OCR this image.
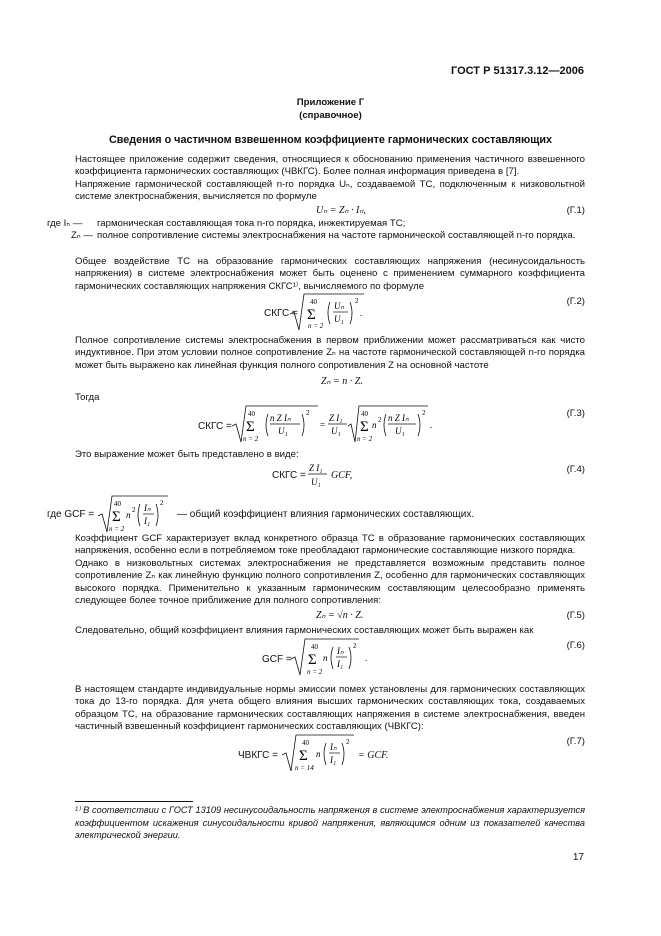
ГОСТ Р 51317.3.12—2006
Приложение Г
(справочное)
Сведения о частичном взвешенном коэффициенте гармонических составляющих
Настоящее приложение содержит сведения, относящиеся к обоснованию применения частичного взвешенного коэффициента гармонических составляющих (ЧВКГС). Более полная информация приведена в [7].
Напряжение гармонической составляющей n-го порядка Uₙ, создаваемой ТС, подключенным к низковольтной системе электроснабжения, вычисляется по формуле
Uₙ = Zₙ · Iₙ,	(Г.1)
где Iₙ —	гармоническая составляющая тока n-го порядка, инжектируемая ТС;
Zₙ — полное сопротивление системы электроснабжения на частоте гармонической составляющей n-го порядка.
Общее воздействие ТС на образование гармонических составляющих напряжения (несинусоидальность напряжения) в системе электроснабжения может быть оценено с применением суммарного коэффициента гармонических составляющих напряжения СКГС¹⁾, вычисляемого по формуле
СКГС =
40
Σ
n = 2
Uₙ
U₁
2
.
(Г.2)
Полное сопротивление системы электроснабжения в первом приближении может рассматриваться как чисто индуктивное. При этом условии полное сопротивление Zₙ на частоте гармонической составляющей n-го порядка может быть выражено как линейная функция полного сопротивления Z на основной частоте
Zₙ = n · Z.
Тогда
СКГС =
40
Σ
n = 2
n Z Iₙ
U₁
2
=
Z I₁
U₁
40
Σ
n = 2
n 2 n Z Iₙ
U₁
2
.
(Г.3)
Это выражение может быть представлено в виде:
СКГС =
Z I₁
U₁
GCF,
(Г.4)
где GCF =
40
Σ
n = 2
n 2 Iₙ
I₁
2
— общий коэффициент влияния гармонических составляющих.
Коэффициент GCF характеризует вклад конкретного образца ТС в образование гармонических составляющих напряжения, особенно если в потребляемом токе преобладают гармонические составляющие низкого порядка.
Однако в низковольтных системах электроснабжения не представляется возможным представить полное сопротивление Zₙ как линейную функцию полного сопротивления Z, особенно для гармонических составляющих высокого порядка. Применительно к указанным гармоническим составляющим целесообразно применять следующее более точное приближение для полного сопротивления:
Zₙ = √n · Z.	(Г.5)
Следовательно, общий коэффициент влияния гармонических составляющих может быть выражен как
GCF =
40
Σ
n = 2
n
Iₙ
I₁
2
.
(Г.6)
В настоящем стандарте индивидуальные нормы эмиссии помех установлены для гармонических составляющих тока до 13-го порядка. Для учета общего влияния высших гармонических составляющих тока, создаваемых образцом ТС, на образование гармонических составляющих напряжения в системе электроснабжения, введен частичный взвешенный коэффициент гармонических составляющих (ЧВКГС):
ЧВКГС =
40
Σ
n = 14
n
Iₙ
I₁
2
= GCF.
(Г.7)
¹⁾ В соответствии с ГОСТ 13109 несинусоидальность напряжения в системе электроснабжения характеризуется коэффициентом искажения синусоидальности кривой напряжения, являющимся одним из показателей качества электрической энергии.
17
